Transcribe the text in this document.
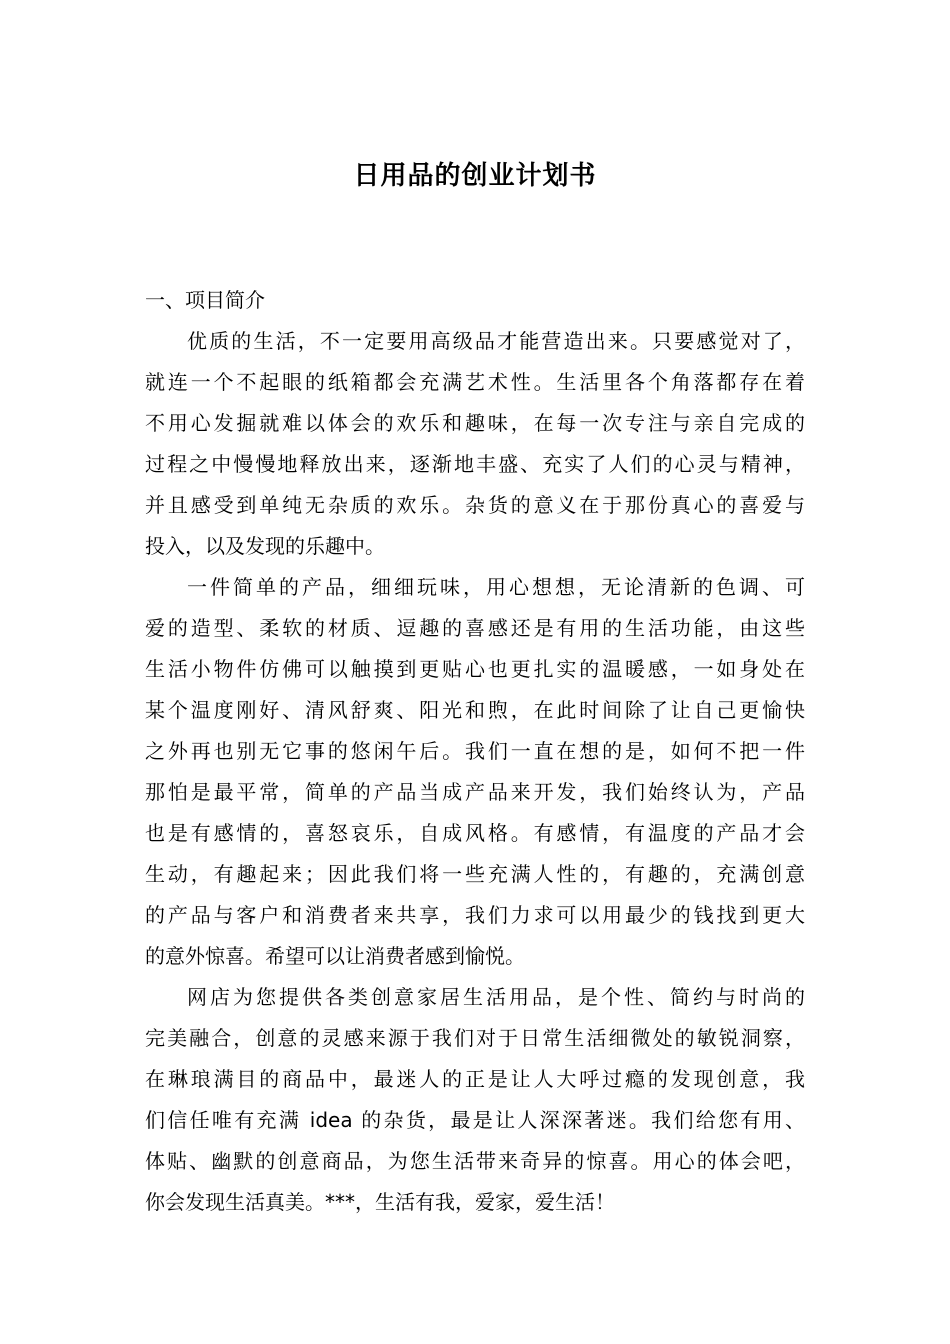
日用品的创业计划书
一、项目简介
优质的生活，不一定要用高级品才能营造出来。只要感觉对了，
就连一个不起眼的纸箱都会充满艺术性。生活里各个角落都存在着
不用心发掘就难以体会的欢乐和趣味，在每一次专注与亲自完成的
过程之中慢慢地释放出来，逐渐地丰盛、充实了人们的心灵与精神，
并且感受到单纯无杂质的欢乐。杂货的意义在于那份真心的喜爱与
投入，以及发现的乐趣中。
一件简单的产品，细细玩味，用心想想，无论清新的色调、可
爱的造型、柔软的材质、逗趣的喜感还是有用的生活功能，由这些
生活小物件仿佛可以触摸到更贴心也更扎实的温暖感，一如身处在
某个温度刚好、清风舒爽、阳光和煦，在此时间除了让自己更愉快
之外再也别无它事的悠闲午后。我们一直在想的是，如何不把一件
那怕是最平常，简单的产品当成产品来开发，我们始终认为，产品
也是有感情的，喜怒哀乐，自成风格。有感情，有温度的产品才会
生动，有趣起来；因此我们将一些充满人性的，有趣的，充满创意
的产品与客户和消费者来共享，我们力求可以用最少的钱找到更大
的意外惊喜。希望可以让消费者感到愉悦。
网店为您提供各类创意家居生活用品，是个性、简约与时尚的
完美融合，创意的灵感来源于我们对于日常生活细微处的敏锐洞察，
在琳琅满目的商品中，最迷人的正是让人大呼过瘾的发现创意，我
们信任唯有充满 idea 的杂货，最是让人深深著迷。我们给您有用、
体贴、幽默的创意商品，为您生活带来奇异的惊喜。用心的体会吧，
你会发现生活真美。***，生活有我，爱家，爱生活！
